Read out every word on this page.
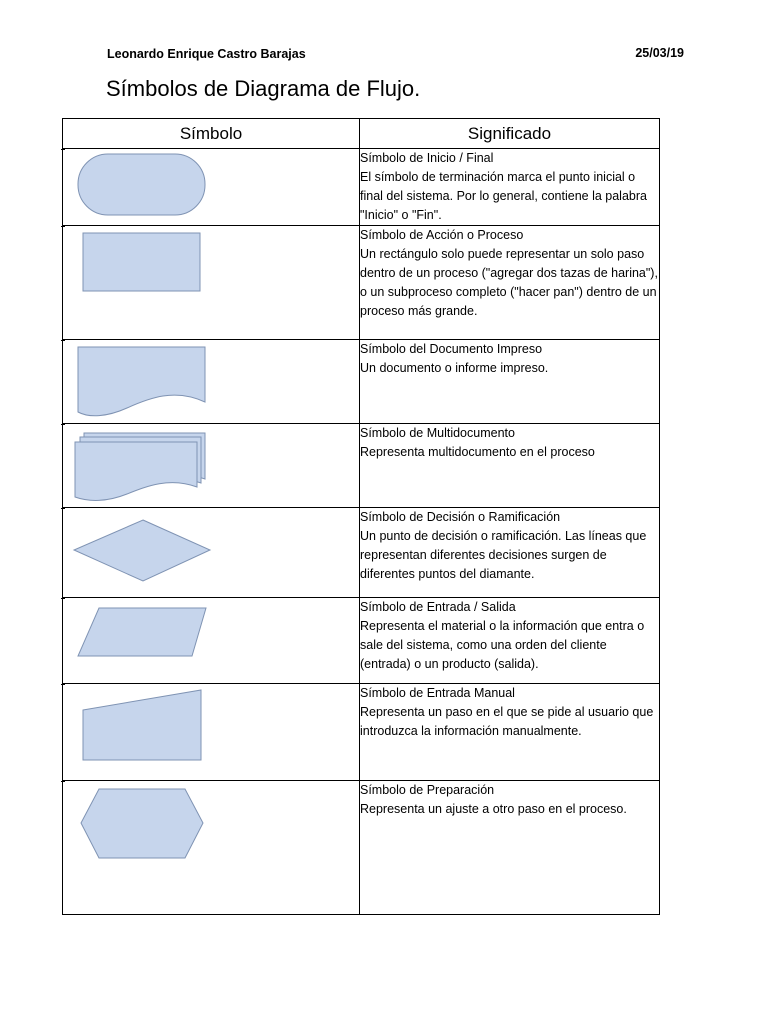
Leonardo Enrique Castro Barajas	25/03/19
Símbolos de Diagrama de Flujo.
Símbolo	Significado

Símbolo de Inicio / Final
El símbolo de terminación marca el punto inicial o final del sistema. Por lo general, contiene la palabra "Inicio" o "Fin".

Símbolo de Acción o Proceso
Un rectángulo solo puede representar un solo paso dentro de un proceso ("agregar dos tazas de harina"), o un subproceso completo ("hacer pan") dentro de un proceso más grande.

Símbolo del Documento Impreso
Un documento o informe impreso.

Símbolo de Multidocumento
Representa multidocumento en el proceso

Símbolo de Decisión o Ramificación
Un punto de decisión o ramificación. Las líneas que representan diferentes decisiones surgen de diferentes puntos del diamante.

Símbolo de Entrada / Salida
Representa el material o la información que entra o sale del sistema, como una orden del cliente (entrada) o un producto (salida).

Símbolo de Entrada Manual
Representa un paso en el que se pide al usuario que introduzca la información manualmente.

Símbolo de Preparación
Representa un ajuste a otro paso en el proceso.
